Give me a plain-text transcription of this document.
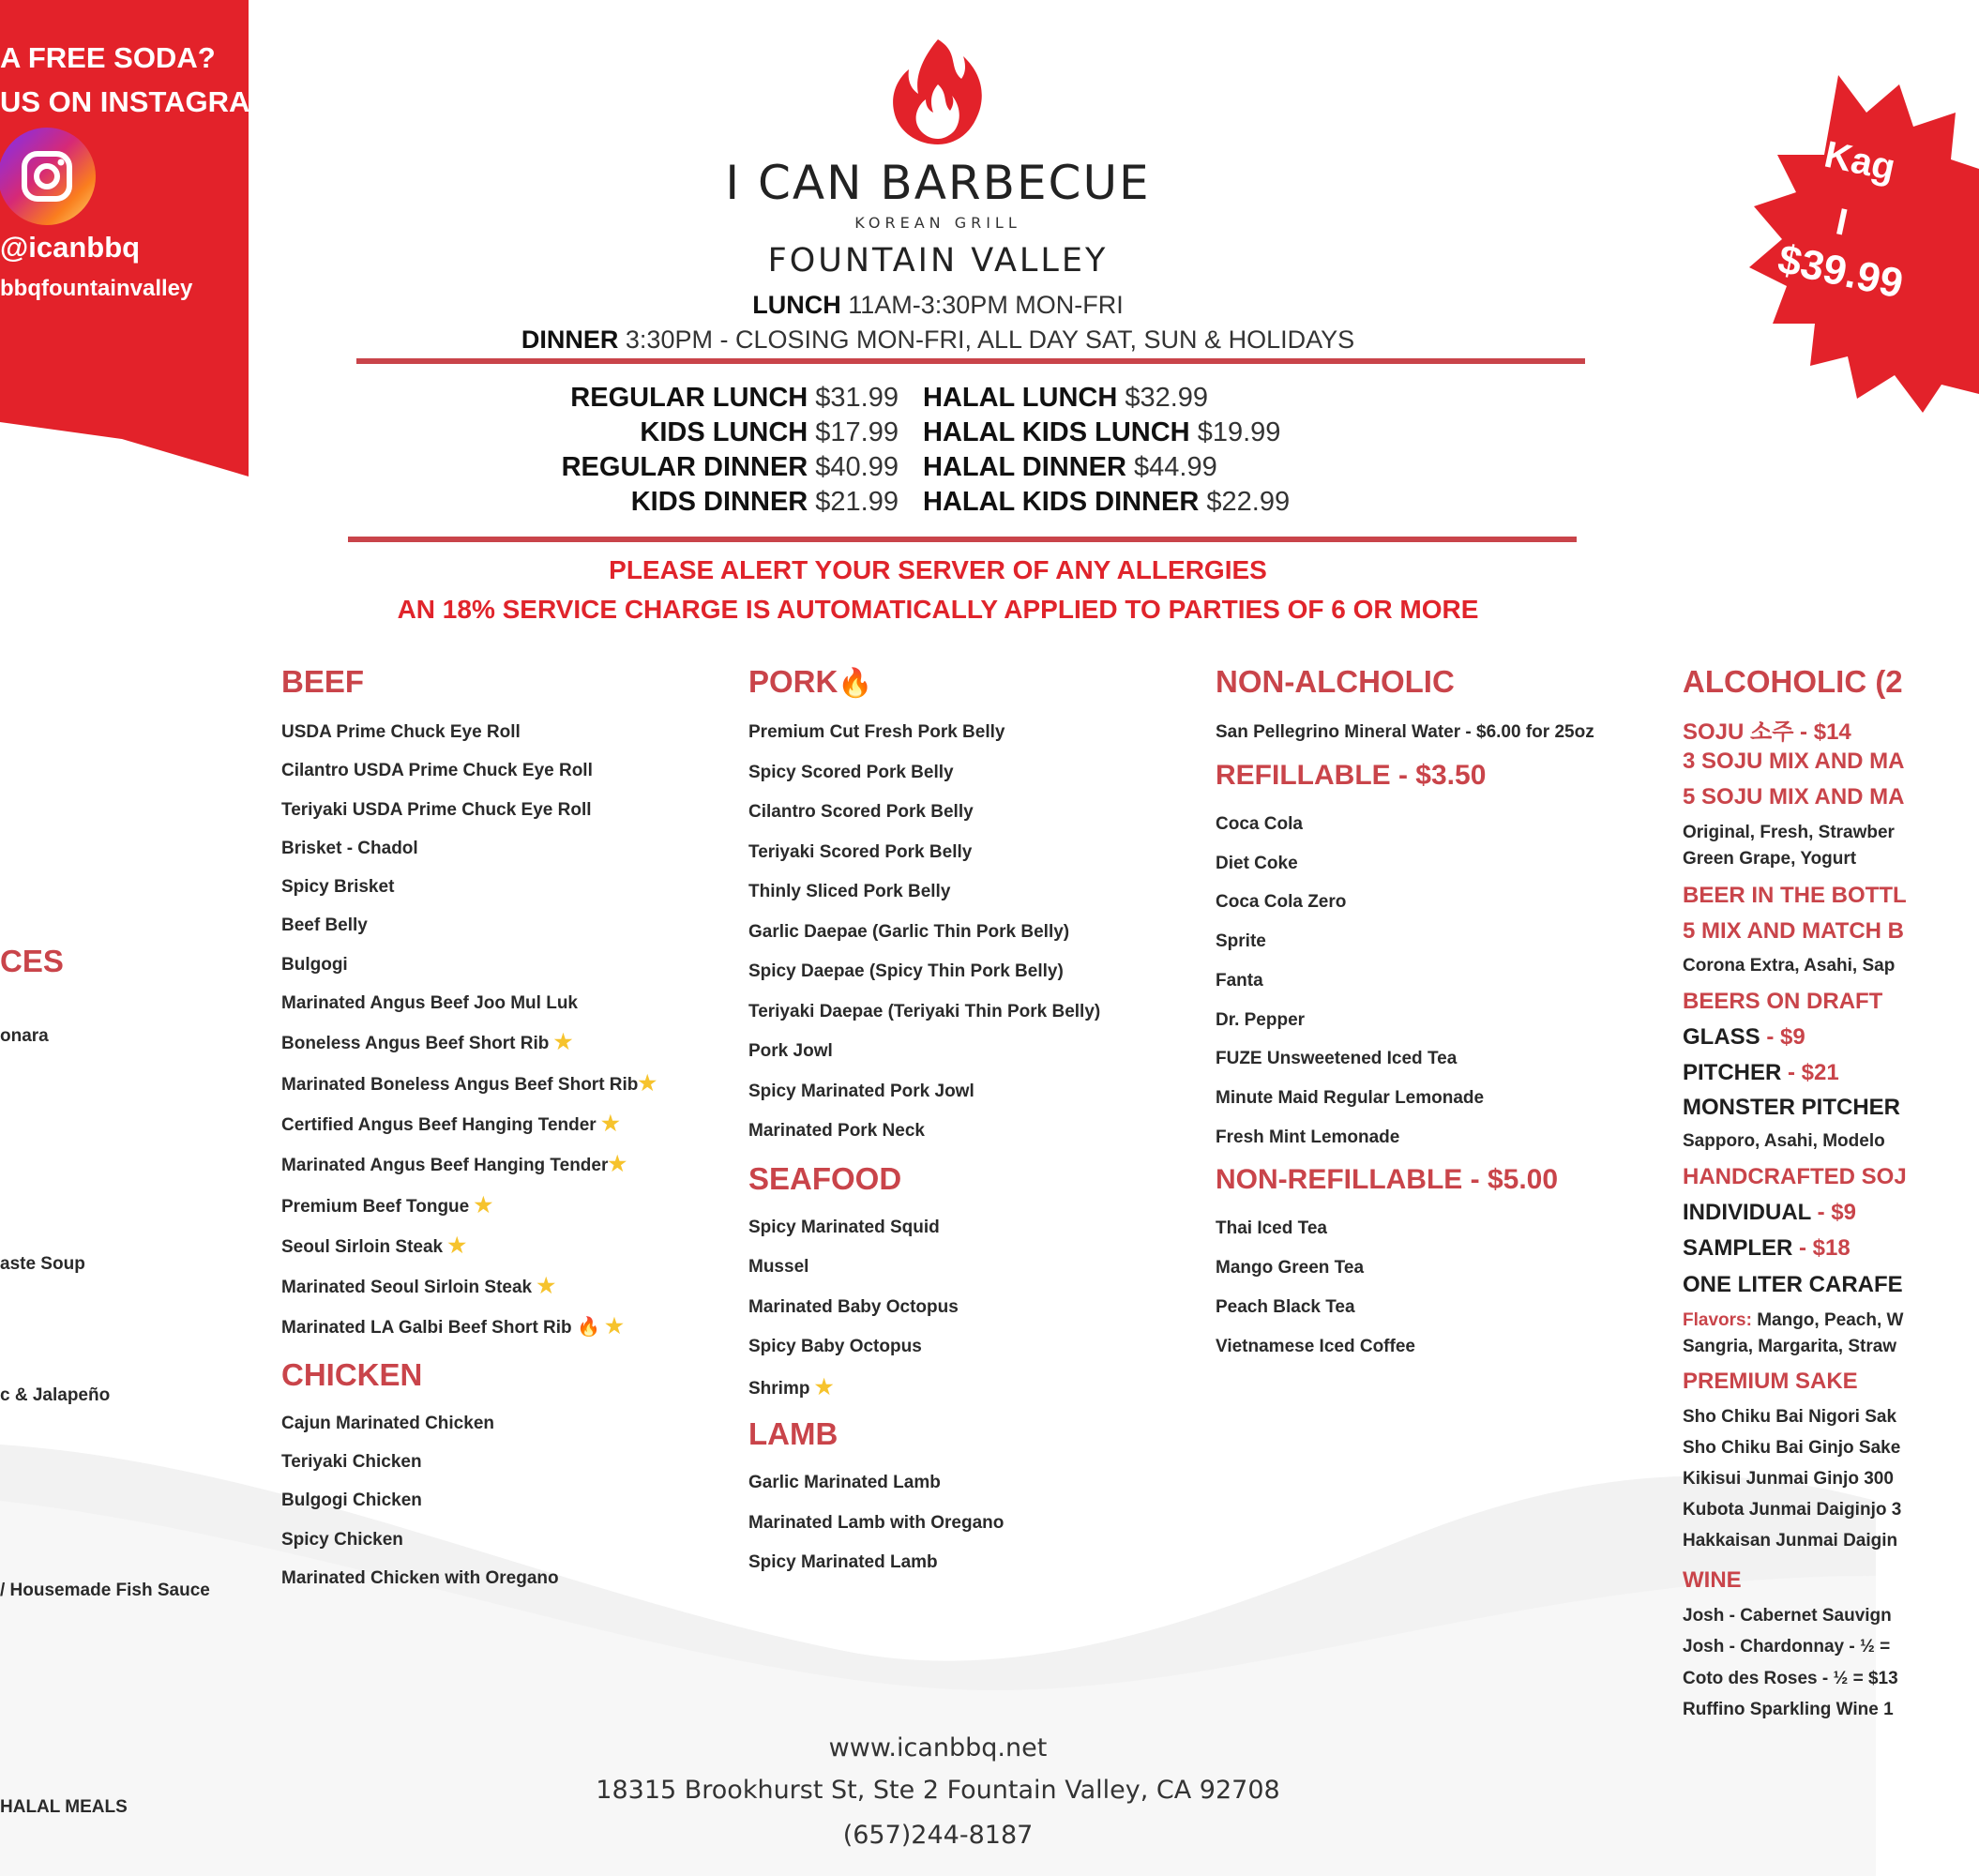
A FREE SODA?
US ON INSTAGRAM!
@icanbbq
bbqfountainvalley
Kag
I
$39.99
I CAN BARBECUE
KOREAN GRILL
FOUNTAIN VALLEY
LUNCH 11AM-3:30PM MON-FRI
DINNER 3:30PM - CLOSING MON-FRI, ALL DAY SAT, SUN & HOLIDAYS
REGULAR LUNCH $31.99
KIDS LUNCH $17.99
REGULAR DINNER $40.99
KIDS DINNER $21.99
HALAL LUNCH $32.99
HALAL KIDS LUNCH $19.99
HALAL DINNER $44.99
HALAL KIDS DINNER $22.99
PLEASE ALERT YOUR SERVER OF ANY ALLERGIES
AN 18% SERVICE CHARGE IS AUTOMATICALLY APPLIED TO PARTIES OF 6 OR MORE
CES
onara
aste Soup
c & Jalapeño
/ Housemade Fish Sauce
HALAL MEALS
BEEF
USDA Prime Chuck Eye Roll
Cilantro USDA Prime Chuck Eye Roll
Teriyaki USDA Prime Chuck Eye Roll
Brisket - Chadol
Spicy Brisket
Beef Belly
Bulgogi
Marinated Angus Beef Joo Mul Luk
Boneless Angus Beef Short Rib ★
Marinated Boneless Angus Beef Short Rib★
Certified Angus Beef Hanging Tender ★
Marinated Angus Beef Hanging Tender★
Premium Beef Tongue ★
Seoul Sirloin Steak ★
Marinated Seoul Sirloin Steak ★
Marinated LA Galbi Beef Short Rib 🔥 ★
CHICKEN
Cajun Marinated Chicken
Teriyaki Chicken
Bulgogi Chicken
Spicy Chicken
Marinated Chicken with Oregano
PORK🔥
Premium Cut Fresh Pork Belly
Spicy Scored Pork Belly
Cilantro Scored Pork Belly
Teriyaki Scored Pork Belly
Thinly Sliced Pork Belly
Garlic Daepae (Garlic Thin Pork Belly)
Spicy Daepae (Spicy Thin Pork Belly)
Teriyaki Daepae (Teriyaki Thin Pork Belly)
Pork Jowl
Spicy Marinated Pork Jowl
Marinated Pork Neck
SEAFOOD
Spicy Marinated Squid
Mussel
Marinated Baby Octopus
Spicy Baby Octopus
Shrimp ★
LAMB
Garlic Marinated Lamb
Marinated Lamb with Oregano
Spicy Marinated Lamb
NON-ALCHOLIC
San Pellegrino Mineral Water - $6.00 for 25oz
REFILLABLE - $3.50
Coca Cola
Diet Coke
Coca Cola Zero
Sprite
Fanta
Dr. Pepper
FUZE Unsweetened Iced Tea
Minute Maid Regular Lemonade
Fresh Mint Lemonade
NON-REFILLABLE - $5.00
Thai Iced Tea
Mango Green Tea
Peach Black Tea
Vietnamese Iced Coffee
ALCOHOLIC (2
SOJU 소주 - $14
3 SOJU MIX AND MA
5 SOJU MIX AND MA
Original, Fresh, Strawber
Green Grape, Yogurt
BEER IN THE BOTTL
5 MIX AND MATCH B
Corona Extra, Asahi, Sap
BEERS ON DRAFT
GLASS - $9
PITCHER - $21
MONSTER PITCHER
Sapporo, Asahi, Modelo
HANDCRAFTED SOJ
INDIVIDUAL - $9
SAMPLER - $18
ONE LITER CARAFE
Flavors: Mango, Peach, W
Sangria, Margarita, Straw
PREMIUM SAKE
Sho Chiku Bai Nigori Sak
Sho Chiku Bai Ginjo Sake
Kikisui Junmai Ginjo 300
Kubota Junmai Daiginjo 3
Hakkaisan Junmai Daigin
WINE
Josh - Cabernet Sauvign
Josh - Chardonnay - ½ =
Coto des Roses - ½ = $13
Ruffino Sparkling Wine 1
www.icanbbq.net
18315 Brookhurst St, Ste 2 Fountain Valley, CA 92708
(657)244-8187
